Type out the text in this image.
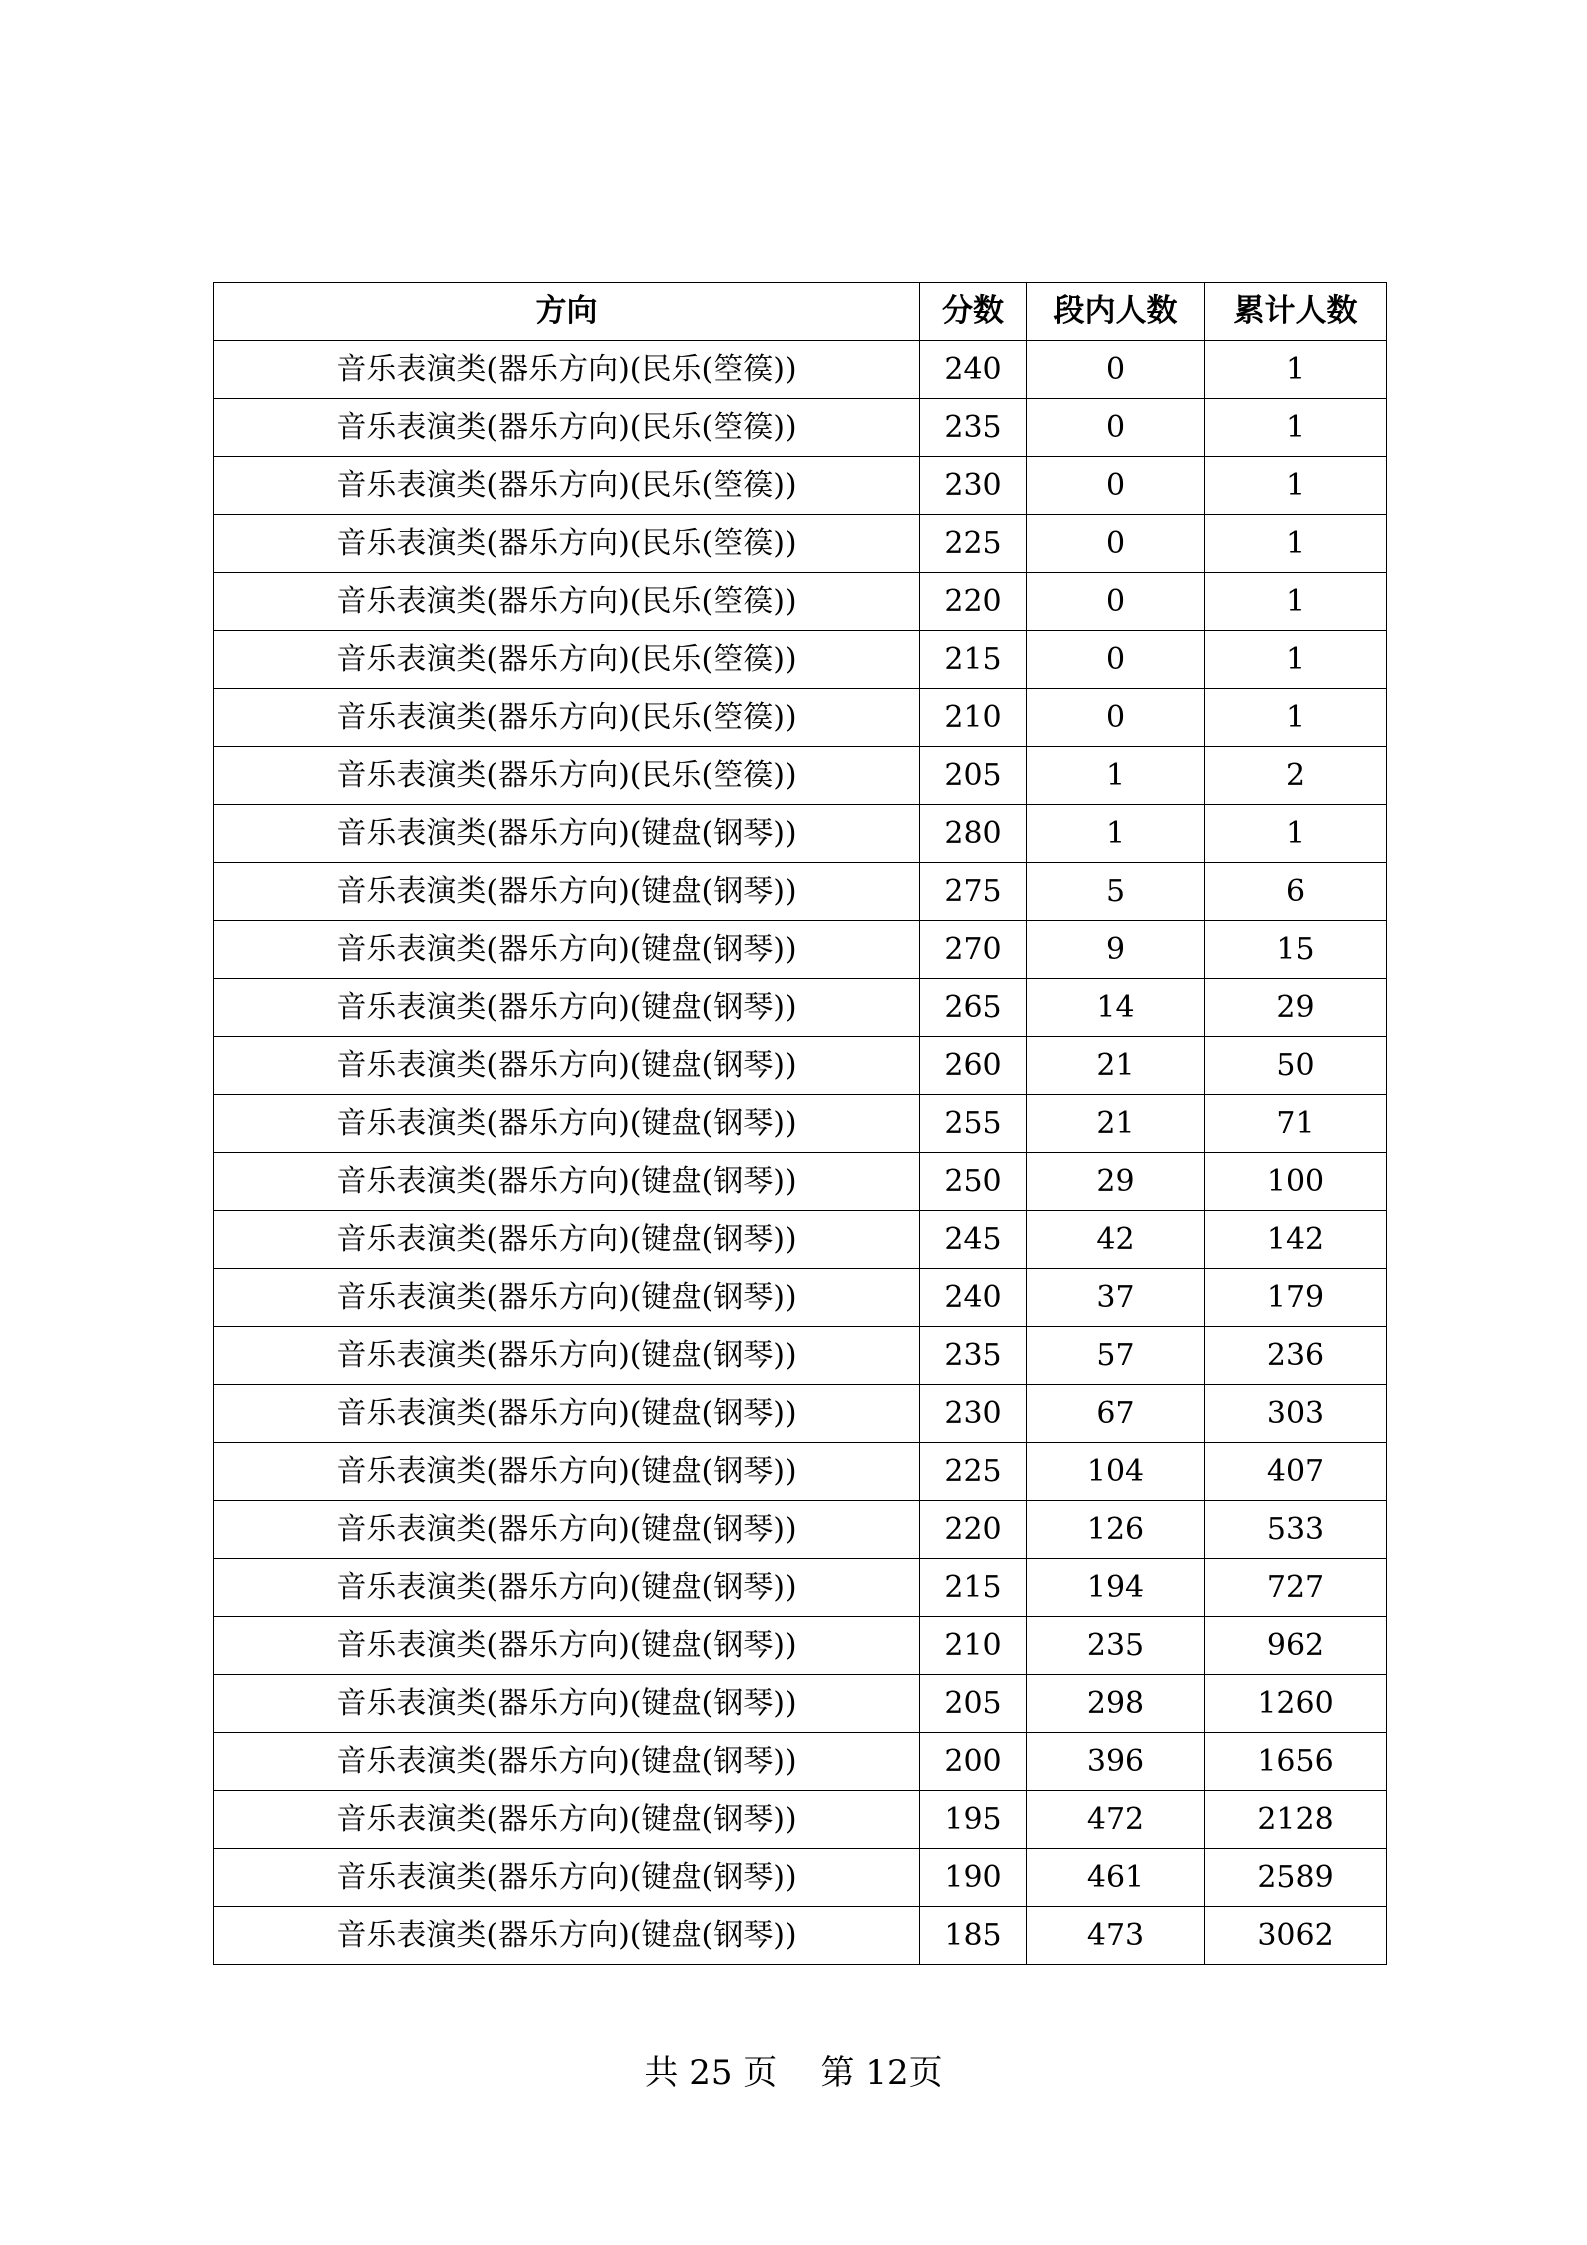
方向	分数	段内人数	累计人数
音乐表演类(器乐方向)(民乐(箜篌))	240	0	1
音乐表演类(器乐方向)(民乐(箜篌))	235	0	1
音乐表演类(器乐方向)(民乐(箜篌))	230	0	1
音乐表演类(器乐方向)(民乐(箜篌))	225	0	1
音乐表演类(器乐方向)(民乐(箜篌))	220	0	1
音乐表演类(器乐方向)(民乐(箜篌))	215	0	1
音乐表演类(器乐方向)(民乐(箜篌))	210	0	1
音乐表演类(器乐方向)(民乐(箜篌))	205	1	2
音乐表演类(器乐方向)(键盘(钢琴))	280	1	1
音乐表演类(器乐方向)(键盘(钢琴))	275	5	6
音乐表演类(器乐方向)(键盘(钢琴))	270	9	15
音乐表演类(器乐方向)(键盘(钢琴))	265	14	29
音乐表演类(器乐方向)(键盘(钢琴))	260	21	50
音乐表演类(器乐方向)(键盘(钢琴))	255	21	71
音乐表演类(器乐方向)(键盘(钢琴))	250	29	100
音乐表演类(器乐方向)(键盘(钢琴))	245	42	142
音乐表演类(器乐方向)(键盘(钢琴))	240	37	179
音乐表演类(器乐方向)(键盘(钢琴))	235	57	236
音乐表演类(器乐方向)(键盘(钢琴))	230	67	303
音乐表演类(器乐方向)(键盘(钢琴))	225	104	407
音乐表演类(器乐方向)(键盘(钢琴))	220	126	533
音乐表演类(器乐方向)(键盘(钢琴))	215	194	727
音乐表演类(器乐方向)(键盘(钢琴))	210	235	962
音乐表演类(器乐方向)(键盘(钢琴))	205	298	1260
音乐表演类(器乐方向)(键盘(钢琴))	200	396	1656
音乐表演类(器乐方向)(键盘(钢琴))	195	472	2128
音乐表演类(器乐方向)(键盘(钢琴))	190	461	2589
音乐表演类(器乐方向)(键盘(钢琴))	185	473	3062
共 25 页    第 12页
